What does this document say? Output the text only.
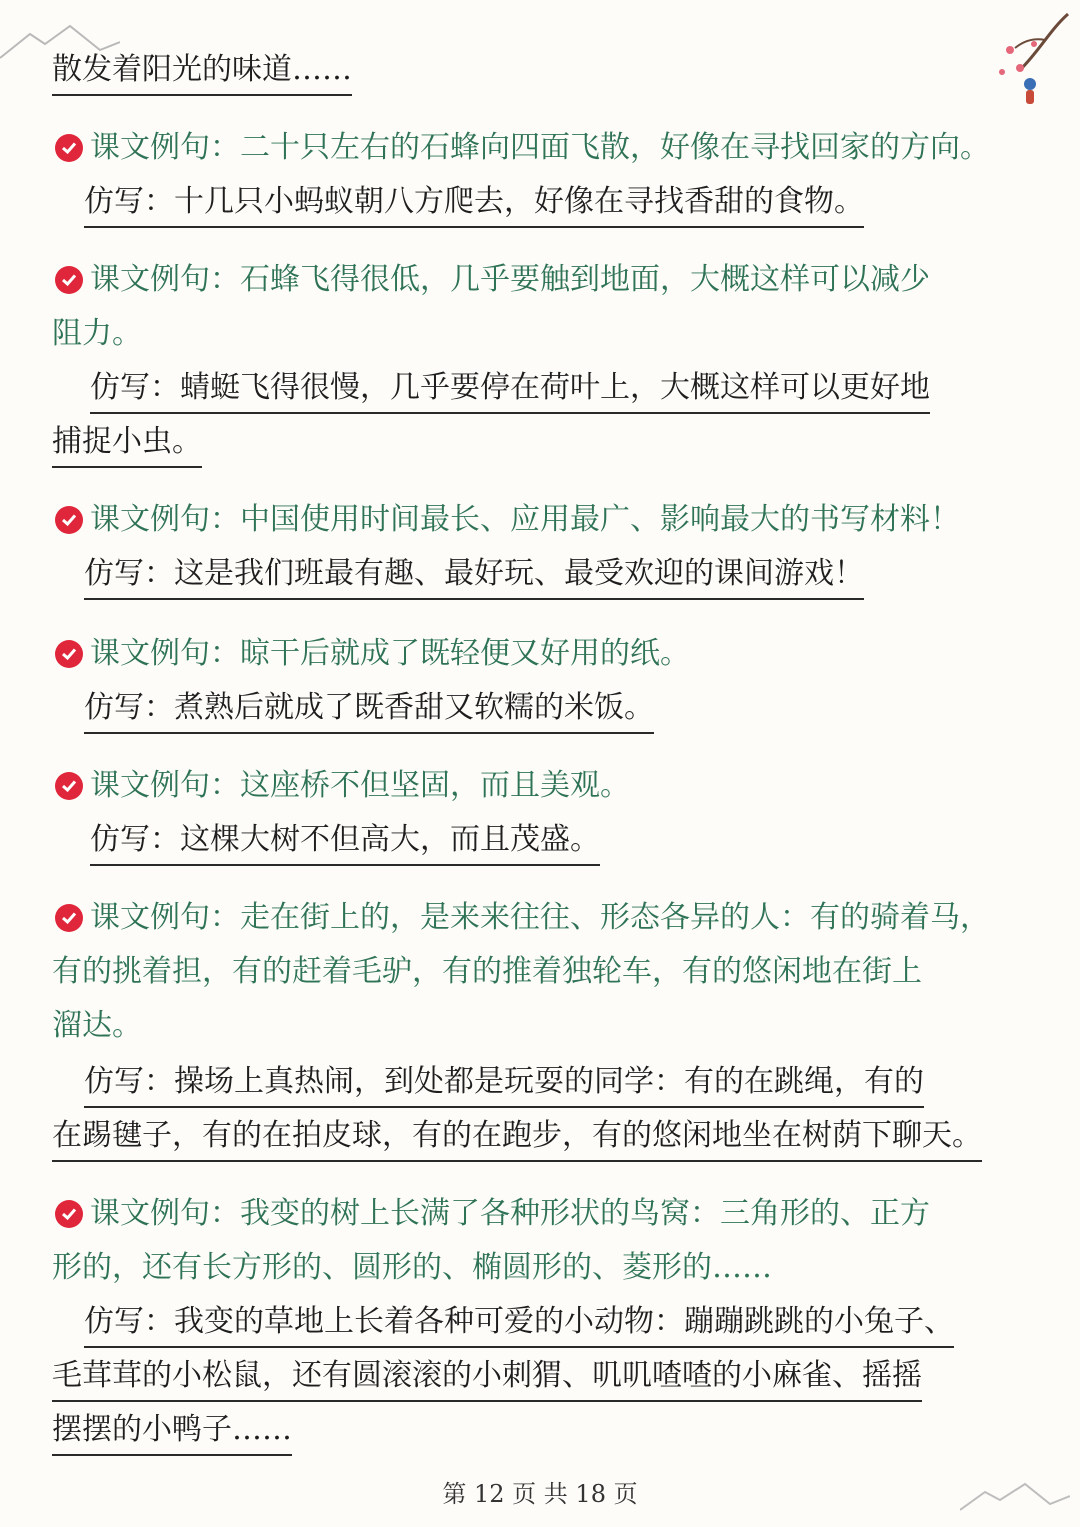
散发着阳光的味道……
课文例句：二十只左右的石蜂向四面飞散，好像在寻找回家的方向。
仿写：十几只小蚂蚁朝八方爬去，好像在寻找香甜的食物。
课文例句：石蜂飞得很低，几乎要触到地面，大概这样可以减少
阻力。
仿写：蜻蜓飞得很慢，几乎要停在荷叶上，大概这样可以更好地
捕捉小虫。
课文例句：中国使用时间最长、应用最广、影响最大的书写材料！
仿写：这是我们班最有趣、最好玩、最受欢迎的课间游戏！
课文例句：晾干后就成了既轻便又好用的纸。
仿写：煮熟后就成了既香甜又软糯的米饭。
课文例句：这座桥不但坚固，而且美观。
仿写：这棵大树不但高大，而且茂盛。
课文例句：走在街上的，是来来往往、形态各异的人：有的骑着马，
有的挑着担，有的赶着毛驴，有的推着独轮车，有的悠闲地在街上
溜达。
仿写：操场上真热闹，到处都是玩耍的同学：有的在跳绳，有的
在踢毽子，有的在拍皮球，有的在跑步，有的悠闲地坐在树荫下聊天。
课文例句：我变的树上长满了各种形状的鸟窝：三角形的、正方
形的，还有长方形的、圆形的、椭圆形的、菱形的……
仿写：我变的草地上长着各种可爱的小动物：蹦蹦跳跳的小兔子、
毛茸茸的小松鼠，还有圆滚滚的小刺猬、叽叽喳喳的小麻雀、摇摇
摆摆的小鸭子……
第 12 页 共 18 页
